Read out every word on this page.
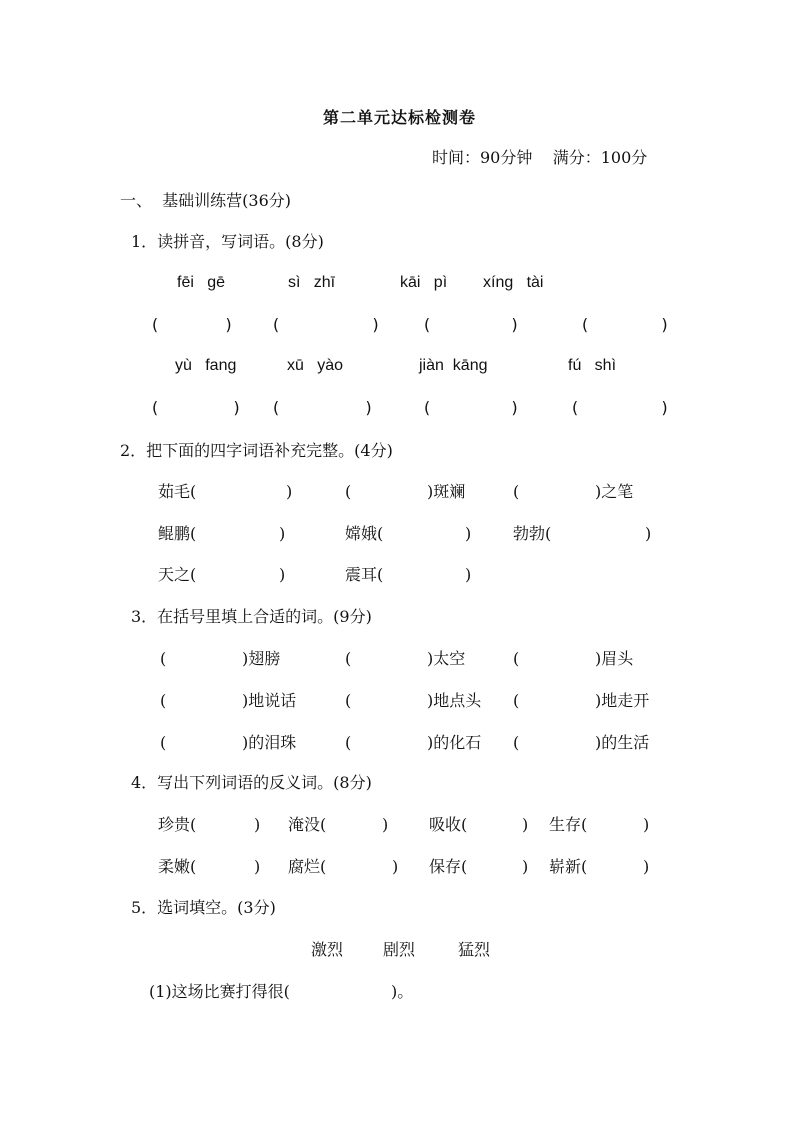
第二单元达标检测卷
时间：90分钟    满分：100分
一、  基础训练营(36分)
1．读拼音，写词语。(8分)
fēi   gē	sì   zhī	kāi   pì xíng   tài
(	) (	)	(	)	(	)
yù   fang	xū   yào	jiàn  kāng	fú   shì
(	) (	)	(	)	(	)
2．把下面的四字词语补充完整。(4分)
茹毛(	)	(	)斑斓	(	)之笔
鲲鹏(	)	嫦娥(	)	勃勃(	)
天之(	)	震耳(	)
3．在括号里填上合适的词。(9分)
(	)翅膀	(	)太空	(	)眉头
(	)地说话	(	)地点头 (	)地走开
(	)的泪珠	(	)的化石 (	)的生活
4．写出下列词语的反义词。(8分)
珍贵(	) 淹没(	)	吸收(	) 生存(	)
柔嫩(	) 腐烂(	) 保存(	) 崭新(	)
5．选词填空。(3分)
激烈 剧烈	猛烈
(1)这场比赛打得很(	)。
